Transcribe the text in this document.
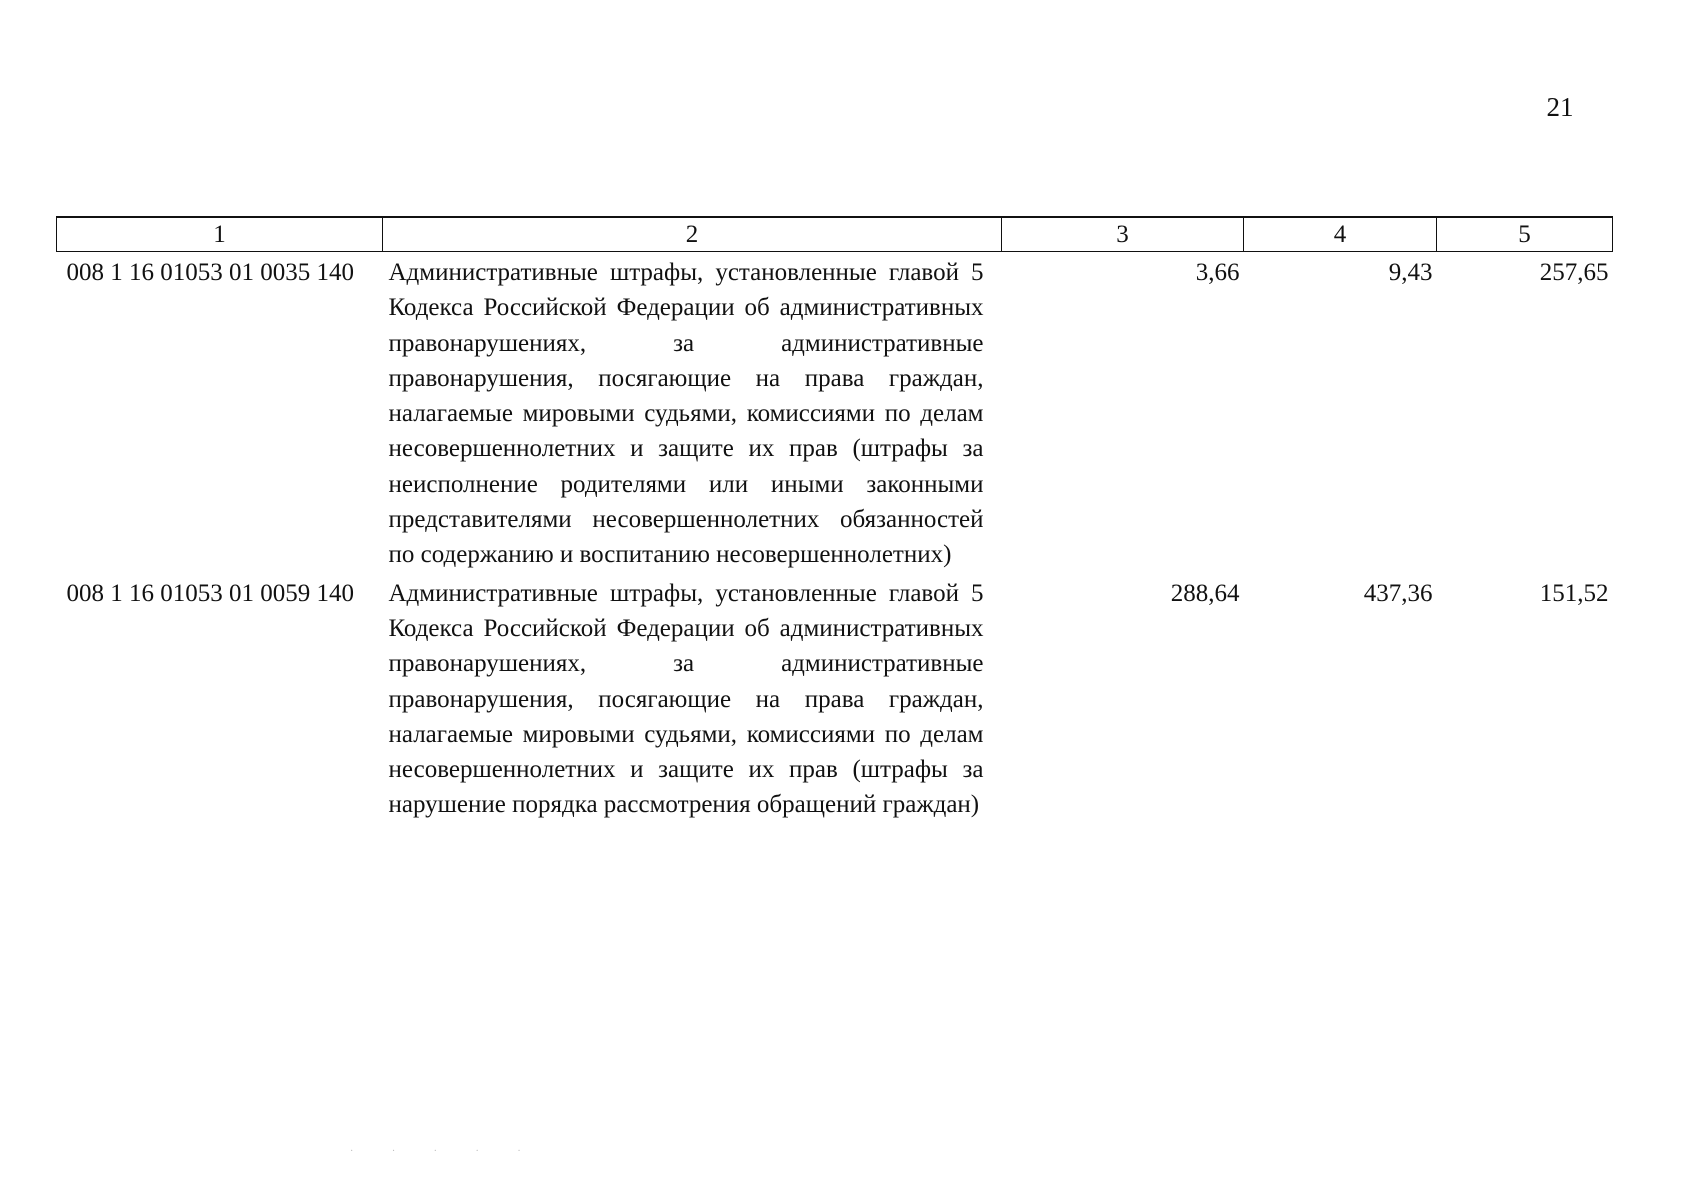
21
1	2	3	4	5
008 1 16 01053 01 0035 140	Административные штрафы, установленные главой 5 Кодекса Российской Федерации об административных правонарушениях, за административные правонарушения, посягающие на права граждан, налагаемые мировыми судьями, комиссиями по делам несовершеннолетних и защите их прав (штрафы за неисполнение родителями или иными законными представителями несовершеннолетних обязанностей по содержанию и воспитанию несовершеннолетних)	3,66	9,43	257,65
008 1 16 01053 01 0059 140	Административные штрафы, установленные главой 5 Кодекса Российской Федерации об административных правонарушениях, за административные правонарушения, посягающие на права граждан, налагаемые мировыми судьями, комиссиями по делам несовершеннолетних и защите их прав (штрафы за нарушение порядка рассмотрения обращений граждан)	288,64	437,36	151,52
· · · · ·
